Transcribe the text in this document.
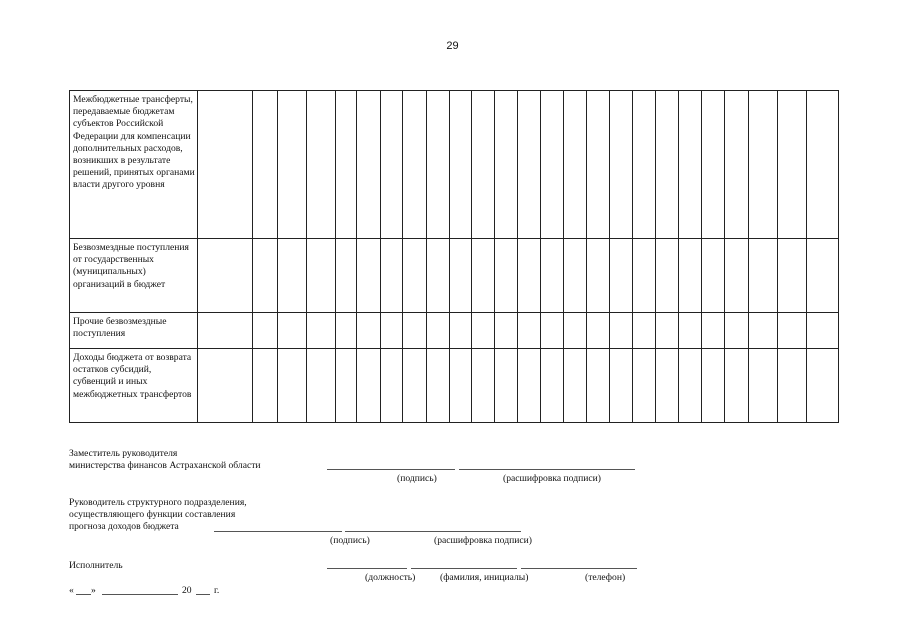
29
Межбюджетные трансферты, передаваемые бюджетам субъектов Российской Федерации для компенсации дополнительных расходов, возникших в результате решений, принятых органами власти другого уровня																									
Безвозмездные поступления от государственных (муниципальных) организаций в бюджет																									
Прочие безвозмездные поступления																									
Доходы бюджета от возврата остатков субсидий, субвенций и иных межбюджетных трансфертов																									
Заместитель руководителя
министерства финансов Астраханской области
(подпись)	(расшифровка подписи)
Руководитель структурного подразделения,
осуществляющего функции составления
прогноза доходов бюджета
(подпись)	(расшифровка подписи)
Исполнитель
(должность)	(фамилия, инициалы)	(телефон)
« »	20 г.
